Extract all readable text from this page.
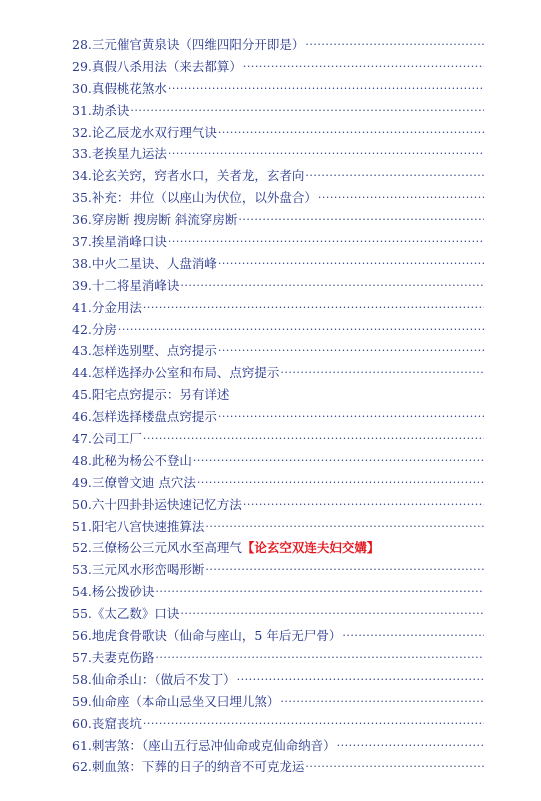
28. 三元催官黄泉诀（四维四阳分开即是）
·····
29. 真假八杀用法（来去都算）
·····
30. 真假桃花煞水
·····
31. 劫杀诀
·····
32. 论乙辰龙水双行理气诀
·····
33. 老挨星九运法
·····
34. 论玄关窍，窍者水口，关者龙，玄者向
·····
35. 补充：井位（以座山为伏位，以外盘合）
·····
36. 穿房断 搜房断 斜流穿房断
·····
37. 挨星消峰口诀
·····
38. 中火二星诀、人盘消峰
·····
39. 十二将星消峰诀
·····
41. 分金用法
·····
42. 分房
·····
43. 怎样选别墅、点窍提示
·····
44. 怎样选择办公室和布局、点窍提示
·····
45. 阳宅点窍提示：另有详述
46. 怎样选择楼盘点窍提示
·····
47. 公司工厂
·····
48. 此秘为杨公不登山
·····
49. 三僚曾文迪 点穴法
·····
50. 六十四卦卦运快速记忆方法
·····
51. 阳宅八宫快速推算法
·····
52. 三僚杨公三元风水至高理气 【论玄空双连夫妇交媾】
53. 三元风水形峦喝形断
·····
54. 杨公拨砂诀
·····
55. 《太乙数》口诀
·····
56. 地虎食骨歌诀（仙命与座山，5 年后无尸骨）
·····
57. 夫妻克伤路
·····
58. 仙命杀山：（做后不发丁）
·····
59. 仙命座（本命山忌坐又曰埋儿煞）
·····
60. 丧窟丧坑
·····
61. 刺害煞：（座山五行忌冲仙命或克仙命纳音）
·····
62. 刺血煞：下葬的日子的纳音不可克龙运
·····
